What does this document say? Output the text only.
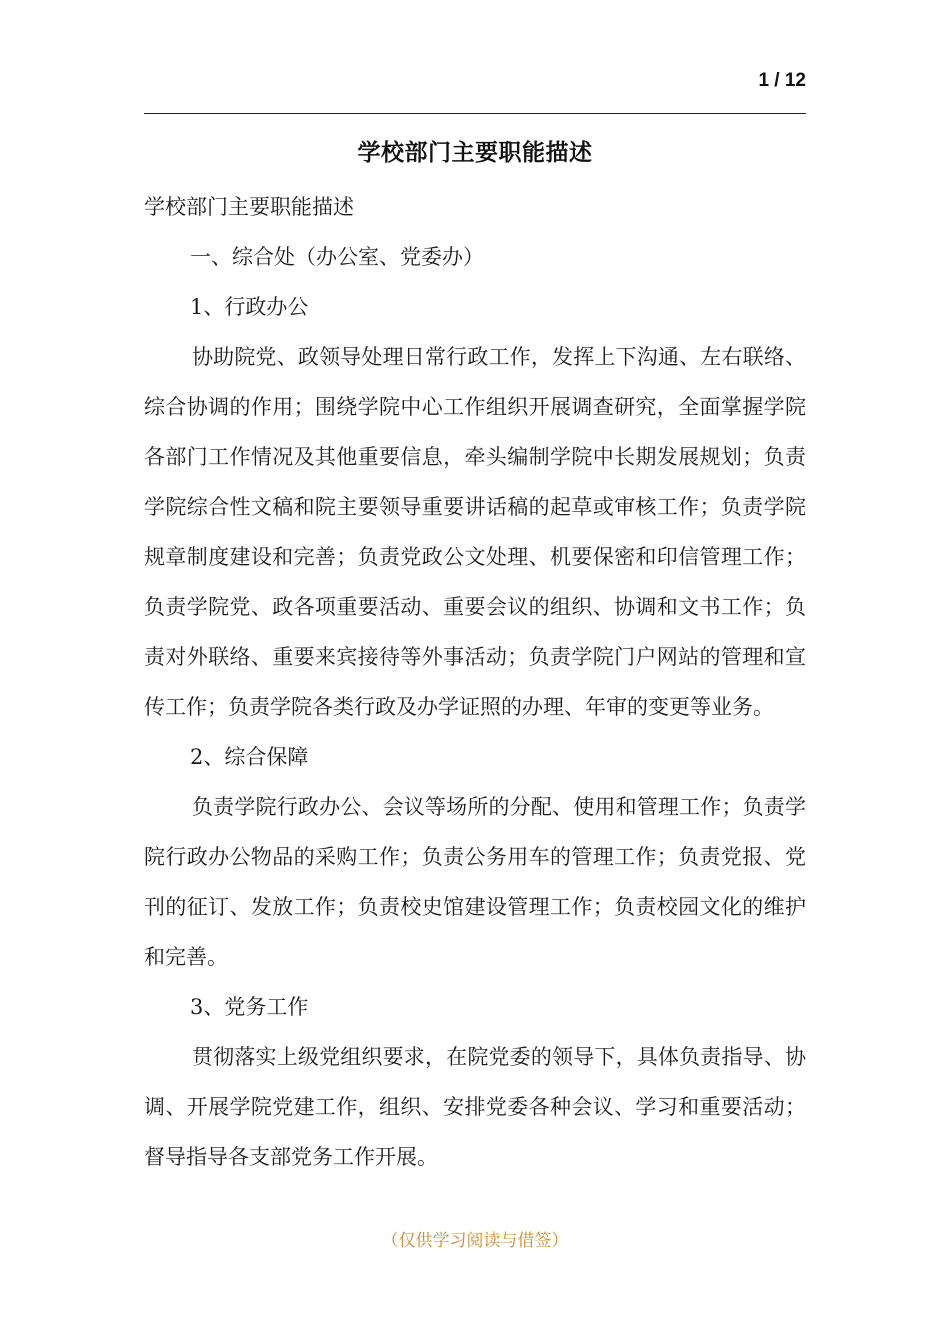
1 / 12
学校部门主要职能描述

学校部门主要职能描述

一、综合处（办公室、党委办）

1、行政办公

协助院党、政领导处理日常行政工作，发挥上下沟通、左右联络、综合协调的作用；围绕学院中心工作组织开展调查研究，全面掌握学院各部门工作情况及其他重要信息，牵头编制学院中长期发展规划；负责学院综合性文稿和院主要领导重要讲话稿的起草或审核工作；负责学院规章制度建设和完善；负责党政公文处理、机要保密和印信管理工作；负责学院党、政各项重要活动、重要会议的组织、协调和文书工作；负责对外联络、重要来宾接待等外事活动；负责学院门户网站的管理和宣传工作；负责学院各类行政及办学证照的办理、年审的变更等业务。

2、综合保障

负责学院行政办公、会议等场所的分配、使用和管理工作；负责学院行政办公物品的采购工作；负责公务用车的管理工作；负责党报、党刊的征订、发放工作；负责校史馆建设管理工作；负责校园文化的维护和完善。

3、党务工作

贯彻落实上级党组织要求，在院党委的领导下，具体负责指导、协调、开展学院党建工作，组织、安排党委各种会议、学习和重要活动；督导指导各支部党务工作开展。

（仅供学习阅读与借签）
